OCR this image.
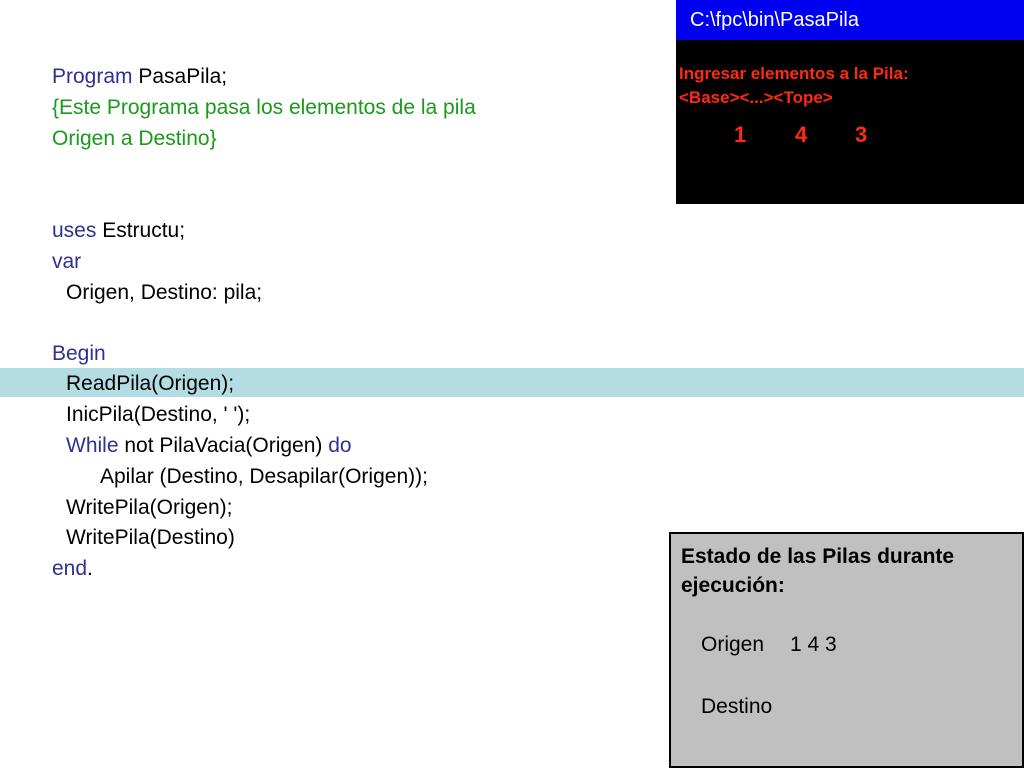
Program PasaPila;
{Este Programa pasa los elementos de la pila
Origen a Destino}
uses Estructu;
var
Origen, Destino: pila;
Begin
ReadPila(Origen);
InicPila(Destino, ' ');
While not PilaVacia(Origen) do
Apilar (Destino, Desapilar(Origen));
WritePila(Origen);
WritePila(Destino)
end.
C:\fpc\bin\PasaPila
Ingresar elementos a la Pila:
<Base><...><Tope>
1 4 3
Estado de las Pilas durante ejecución:
Origen 1 4 3
Destino
